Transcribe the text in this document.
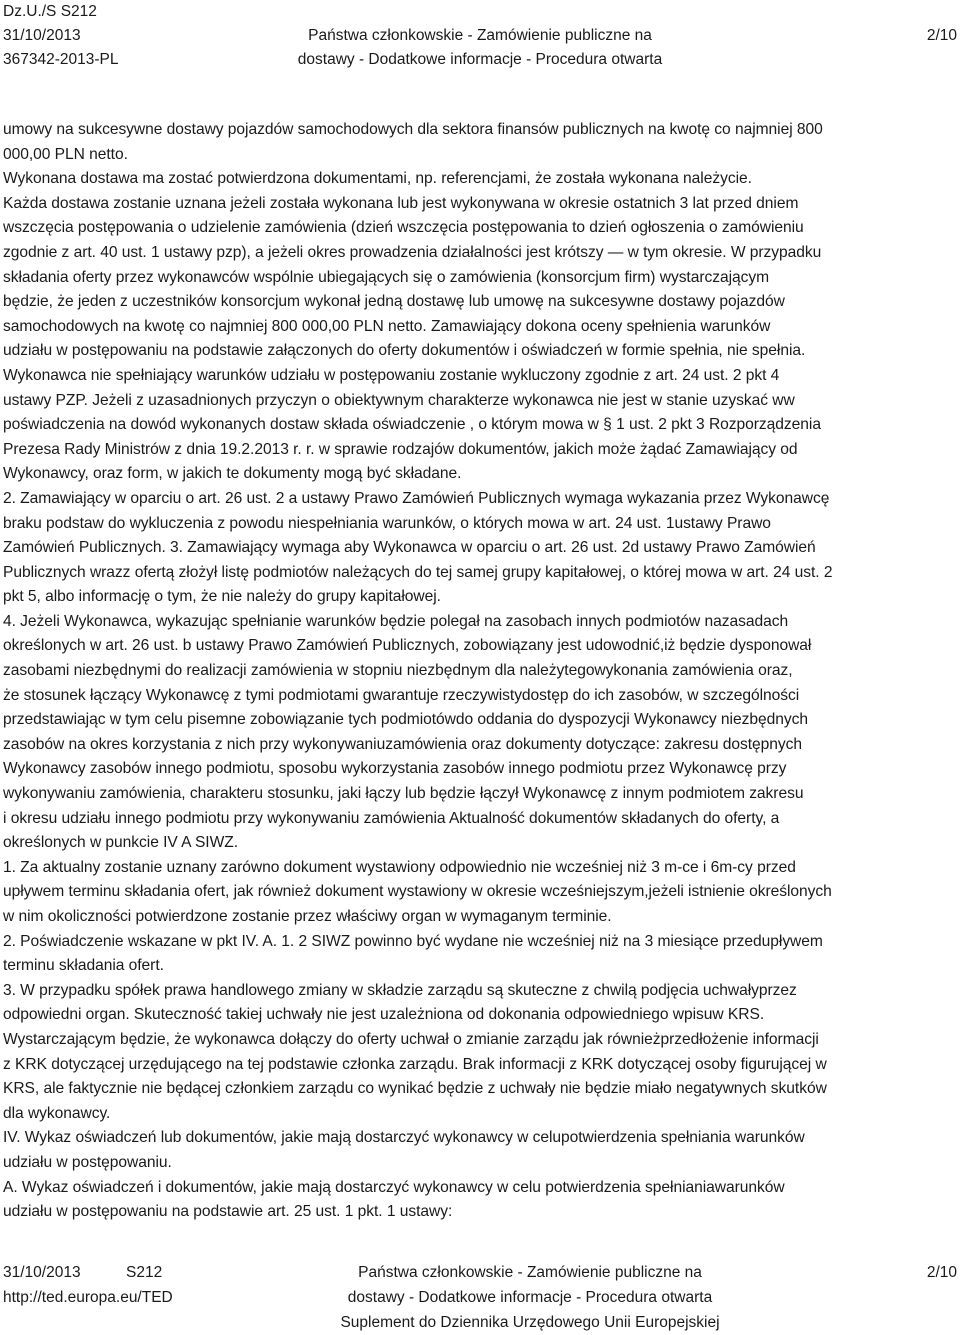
Dz.U./S S212
31/10/2013
367342-2013-PL
Państwa członkowskie - Zamówienie publiczne na
dostawy - Dodatkowe informacje - Procedura otwarta
2/10
umowy na sukcesywne dostawy pojazdów samochodowych dla sektora finansów publicznych na kwotę co najmniej 800
000,00 PLN netto.
Wykonana dostawa ma zostać potwierdzona dokumentami, np. referencjami, że została wykonana należycie.
Każda dostawa zostanie uznana jeżeli została wykonana lub jest wykonywana w okresie ostatnich 3 lat przed dniem
wszczęcia postępowania o udzielenie zamówienia (dzień wszczęcia postępowania to dzień ogłoszenia o zamówieniu
zgodnie z art. 40 ust. 1 ustawy pzp), a jeżeli okres prowadzenia działalności jest krótszy — w tym okresie. W przypadku
składania oferty przez wykonawców wspólnie ubiegających się o zamówienia (konsorcjum firm) wystarczającym
będzie, że jeden z uczestników konsorcjum wykonał jedną dostawę lub umowę na sukcesywne dostawy pojazdów
samochodowych na kwotę co najmniej 800 000,00 PLN netto. Zamawiający dokona oceny spełnienia warunków
udziału w postępowaniu na podstawie załączonych do oferty dokumentów i oświadczeń w formie spełnia, nie spełnia.
Wykonawca nie spełniający warunków udziału w postępowaniu zostanie wykluczony zgodnie z art. 24 ust. 2 pkt 4
ustawy PZP. Jeżeli z uzasadnionych przyczyn o obiektywnym charakterze wykonawca nie jest w stanie uzyskać ww
poświadczenia na dowód wykonanych dostaw składa oświadczenie , o którym mowa w § 1 ust. 2 pkt 3 Rozporządzenia
Prezesa Rady Ministrów z dnia 19.2.2013 r. r. w sprawie rodzajów dokumentów, jakich może żądać Zamawiający od
Wykonawcy, oraz form, w jakich te dokumenty mogą być składane.
2. Zamawiający w oparciu o art. 26 ust. 2 a ustawy Prawo Zamówień Publicznych wymaga wykazania przez Wykonawcę
braku podstaw do wykluczenia z powodu niespełniania warunków, o których mowa w art. 24 ust. 1ustawy Prawo
Zamówień Publicznych. 3. Zamawiający wymaga aby Wykonawca w oparciu o art. 26 ust. 2d ustawy Prawo Zamówień
Publicznych wrazz ofertą złożył listę podmiotów należących do tej samej grupy kapitałowej, o której mowa w art. 24 ust. 2
pkt 5, albo informację o tym, że nie należy do grupy kapitałowej.
4. Jeżeli Wykonawca, wykazując spełnianie warunków będzie polegał na zasobach innych podmiotów nazasadach
określonych w art. 26 ust. b ustawy Prawo Zamówień Publicznych, zobowiązany jest udowodnić,iż będzie dysponował
zasobami niezbędnymi do realizacji zamówienia w stopniu niezbędnym dla należytegowykonania zamówienia oraz,
że stosunek łączący Wykonawcę z tymi podmiotami gwarantuje rzeczywistydostęp do ich zasobów, w szczególności
przedstawiając w tym celu pisemne zobowiązanie tych podmiotówdo oddania do dyspozycji Wykonawcy niezbędnych
zasobów na okres korzystania z nich przy wykonywaniuzamówienia oraz dokumenty dotyczące: zakresu dostępnych
Wykonawcy zasobów innego podmiotu, sposobu wykorzystania zasobów innego podmiotu przez Wykonawcę przy
wykonywaniu zamówienia, charakteru stosunku, jaki łączy lub będzie łączył Wykonawcę z innym podmiotem zakresu
i okresu udziału innego podmiotu przy wykonywaniu zamówienia Aktualność dokumentów składanych do oferty, a
określonych w punkcie IV A SIWZ.
1. Za aktualny zostanie uznany zarówno dokument wystawiony odpowiednio nie wcześniej niż 3 m-ce i 6m-cy przed
upływem terminu składania ofert, jak również dokument wystawiony w okresie wcześniejszym,jeżeli istnienie określonych
w nim okoliczności potwierdzone zostanie przez właściwy organ w wymaganym terminie.
2. Poświadczenie wskazane w pkt IV. A. 1. 2 SIWZ powinno być wydane nie wcześniej niż na 3 miesiące przedupływem
terminu składania ofert.
3. W przypadku spółek prawa handlowego zmiany w składzie zarządu są skuteczne z chwilą podjęcia uchwałyprzez
odpowiedni organ. Skuteczność takiej uchwały nie jest uzależniona od dokonania odpowiedniego wpisuw KRS.
Wystarczającym będzie, że wykonawca dołączy do oferty uchwał o zmianie zarządu jak równieżprzedłożenie informacji
z KRK dotyczącej urzędującego na tej podstawie członka zarządu. Brak informacji z KRK dotyczącej osoby figurującej w
KRS, ale faktycznie nie będącej członkiem zarządu co wynikać będzie z uchwały nie będzie miało negatywnych skutków
dla wykonawcy.
IV. Wykaz oświadczeń lub dokumentów, jakie mają dostarczyć wykonawcy w celupotwierdzenia spełniania warunków
udziału w postępowaniu.
A. Wykaz oświadczeń i dokumentów, jakie mają dostarczyć wykonawcy w celu potwierdzenia spełnianiawarunków
udziału w postępowaniu na podstawie art. 25 ust. 1 pkt. 1 ustawy:
31/10/2013	S212
http://ted.europa.eu/TED
Państwa członkowskie - Zamówienie publiczne na
dostawy - Dodatkowe informacje - Procedura otwarta
Suplement do Dziennika Urzędowego Unii Europejskiej
2/10
